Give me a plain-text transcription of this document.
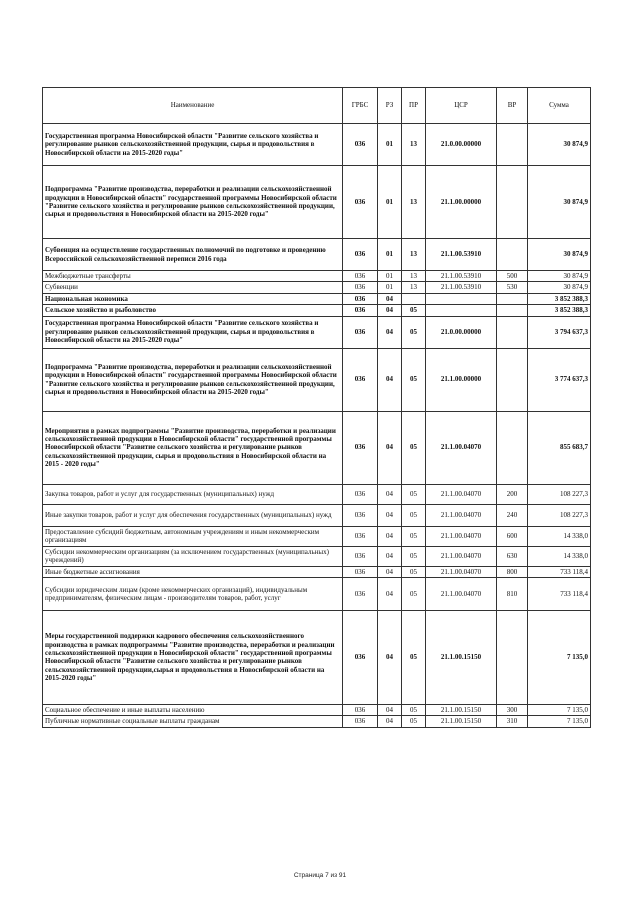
Наименование	ГРБС	РЗ	ПР	ЦСР	ВР	Сумма
Государственная программа Новосибирской области "Развитие сельского хозяйства и регулирование рынков сельскохозяйственной продукции, сырья и продовольствия в Новосибирской области на 2015-2020 годы"	036	01	13	21.0.00.00000		30 874,9
Подпрограмма "Развитие производства, переработки и реализации сельскохозяйственной продукции в Новосибирской области" государственной программы Новосибирской области "Развитие сельского хозяйства и регулирование рынков сельскохозяйственной продукции, сырья и продовольствия в Новосибирской области на 2015-2020 годы"	036	01	13	21.1.00.00000		30 874,9
Субвенция на осуществление государственных полномочий по подготовке и проведению Всероссийской сельскохозяйственной переписи 2016 года	036	01	13	21.1.00.53910		30 874,9
Межбюджетные трансферты	036	01	13	21.1.00.53910	500	30 874,9
Субвенции	036	01	13	21.1.00.53910	530	30 874,9
Национальная экономика	036	04				3 852 388,3
Сельское хозяйство и рыболовство	036	04	05			3 852 388,3
Государственная программа Новосибирской области "Развитие сельского хозяйства и регулирование рынков сельскохозяйственной продукции, сырья и продовольствия в Новосибирской области на 2015-2020 годы"	036	04	05	21.0.00.00000		3 794 637,3
Подпрограмма "Развитие производства, переработки и реализации сельскохозяйственной продукции в Новосибирской области" государственной программы Новосибирской области "Развитие сельского хозяйства и регулирование рынков сельскохозяйственной продукции, сырья и продовольствия в Новосибирской области на 2015-2020 годы"	036	04	05	21.1.00.00000		3 774 637,3
Мероприятия в рамках подпрограммы "Развитие производства, переработки и реализации сельскохозяйственной продукции в Новосибирской области" государственной программы Новосибирской области "Развитие сельского хозяйства и регулирование рынков сельскохозяйственной продукции, сырья и продовольствия в Новосибирской области на 2015 - 2020 годы"	036	04	05	21.1.00.04070		855 683,7
Закупка товаров, работ и услуг для государственных (муниципальных) нужд	036	04	05	21.1.00.04070	200	108 227,3
Иные закупки товаров, работ и услуг для обеспечения государственных (муниципальных) нужд	036	04	05	21.1.00.04070	240	108 227,3
Предоставление субсидий бюджетным, автономным учреждениям и иным некоммерческим организациям	036	04	05	21.1.00.04070	600	14 338,0
Субсидии некоммерческим организациям (за исключением государственных (муниципальных) учреждений)	036	04	05	21.1.00.04070	630	14 338,0
Иные бюджетные ассигнования	036	04	05	21.1.00.04070	800	733 118,4
Субсидии юридическим лицам (кроме некоммерческих организаций), индивидуальным предпринимателям, физическим лицам - производителям товаров, работ, услуг	036	04	05	21.1.00.04070	810	733 118,4
Меры государственной поддержки кадрового обеспечения сельскохозяйственного производства в рамках подпрограммы "Развитие производства, переработки и реализации сельскохозяйственной продукции в Новосибирской области" государственной программы Новосибирской области "Развитие сельского хозяйства и регулирование рынков сельскохозяйственной продукции,сырья и продовольствия в Новосибирской области на 2015-2020 годы"	036	04	05	21.1.00.15150		7 135,0
Социальное обеспечение и иные выплаты населению	036	04	05	21.1.00.15150	300	7 135,0
Публичные нормативные социальные выплаты гражданам	036	04	05	21.1.00.15150	310	7 135,0
Страница 7 из 91
